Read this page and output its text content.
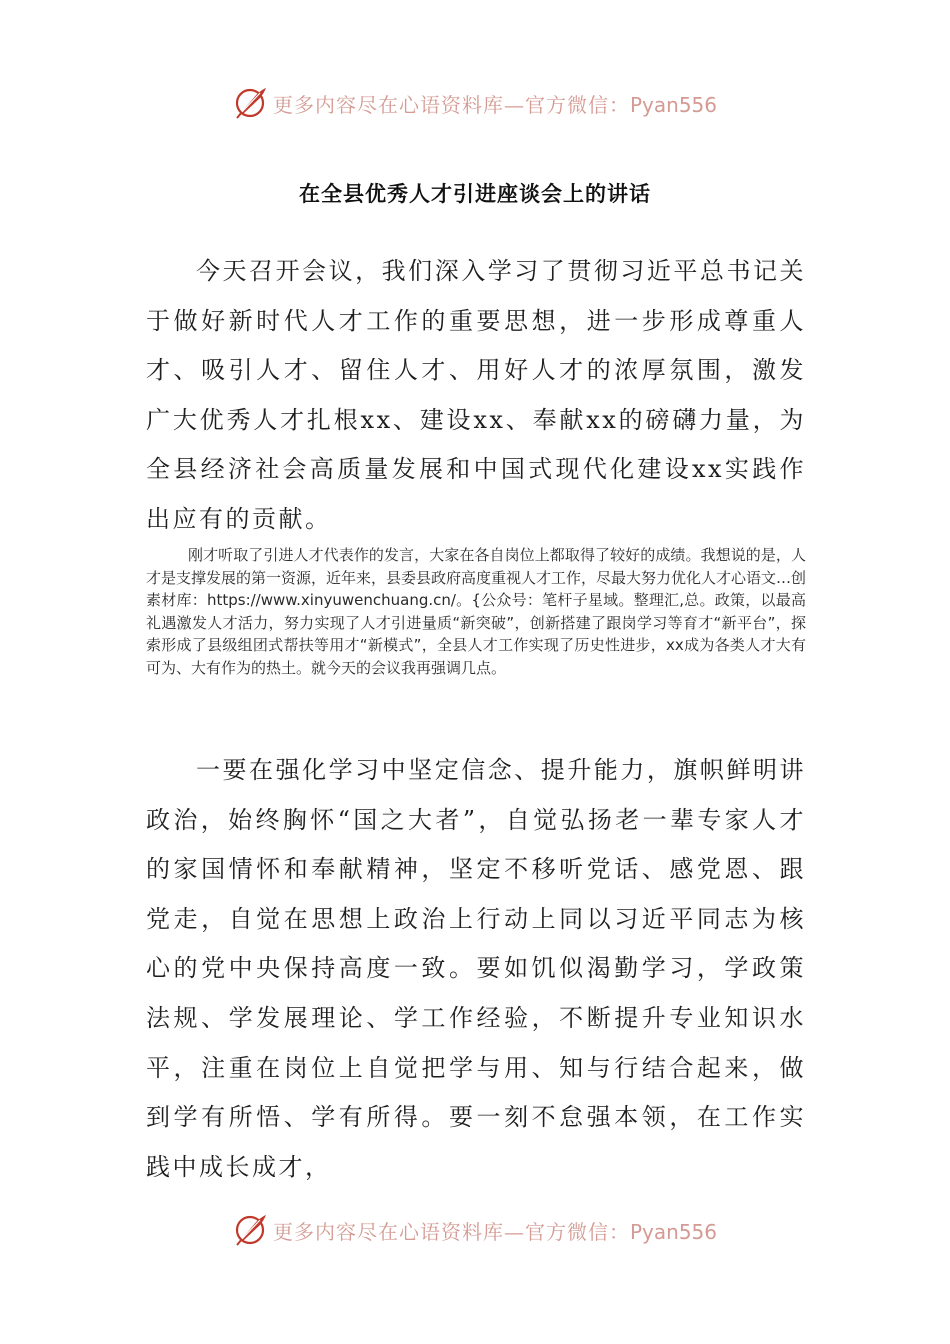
更多内容尽在心语资料库—官方微信：Pyan556
在全县优秀人才引进座谈会上的讲话

今天召开会议，我们深入学习了贯彻习近平总书记关于做好新时代人才工作的重要思想，进一步形成尊重人才、吸引人才、留住人才、用好人才的浓厚氛围，激发广大优秀人才扎根xx、建设xx、奉献xx的磅礴力量，为全县经济社会高质量发展和中国式现代化建设xx实践作出应有的贡献。

刚才听取了引进人才代表作的发言，大家在各自岗位上都取得了较好的成绩。我想说的是，人才是支撑发展的第一资源，近年来，县委县政府高度重视人才工作，尽最大努力优化人才心语文…创素材库：https://www.xinyuwenchuang.cn/。{公众号：笔杆子星域。整理汇,总。政策，以最高礼遇激发人才活力，努力实现了人才引进量质“新突破”，创新搭建了跟岗学习等育才“新平台”，探索形成了县级组团式帮扶等用才“新模式”，全县人才工作实现了历史性进步，xx成为各类人才大有可为、大有作为的热土。就今天的会议我再强调几点。

一要在强化学习中坚定信念、提升能力，旗帜鲜明讲政治，始终胸怀“国之大者”，自觉弘扬老一辈专家人才的家国情怀和奉献精神，坚定不移听党话、感党恩、跟党走，自觉在思想上政治上行动上同以习近平同志为核心的党中央保持高度一致。要如饥似渴勤学习，学政策法规、学发展理论、学工作经验，不断提升专业知识水平，注重在岗位上自觉把学与用、知与行结合起来，做到学有所悟、学有所得。要一刻不怠强本领，在工作实践中成长成才，

更多内容尽在心语资料库—官方微信：Pyan556
